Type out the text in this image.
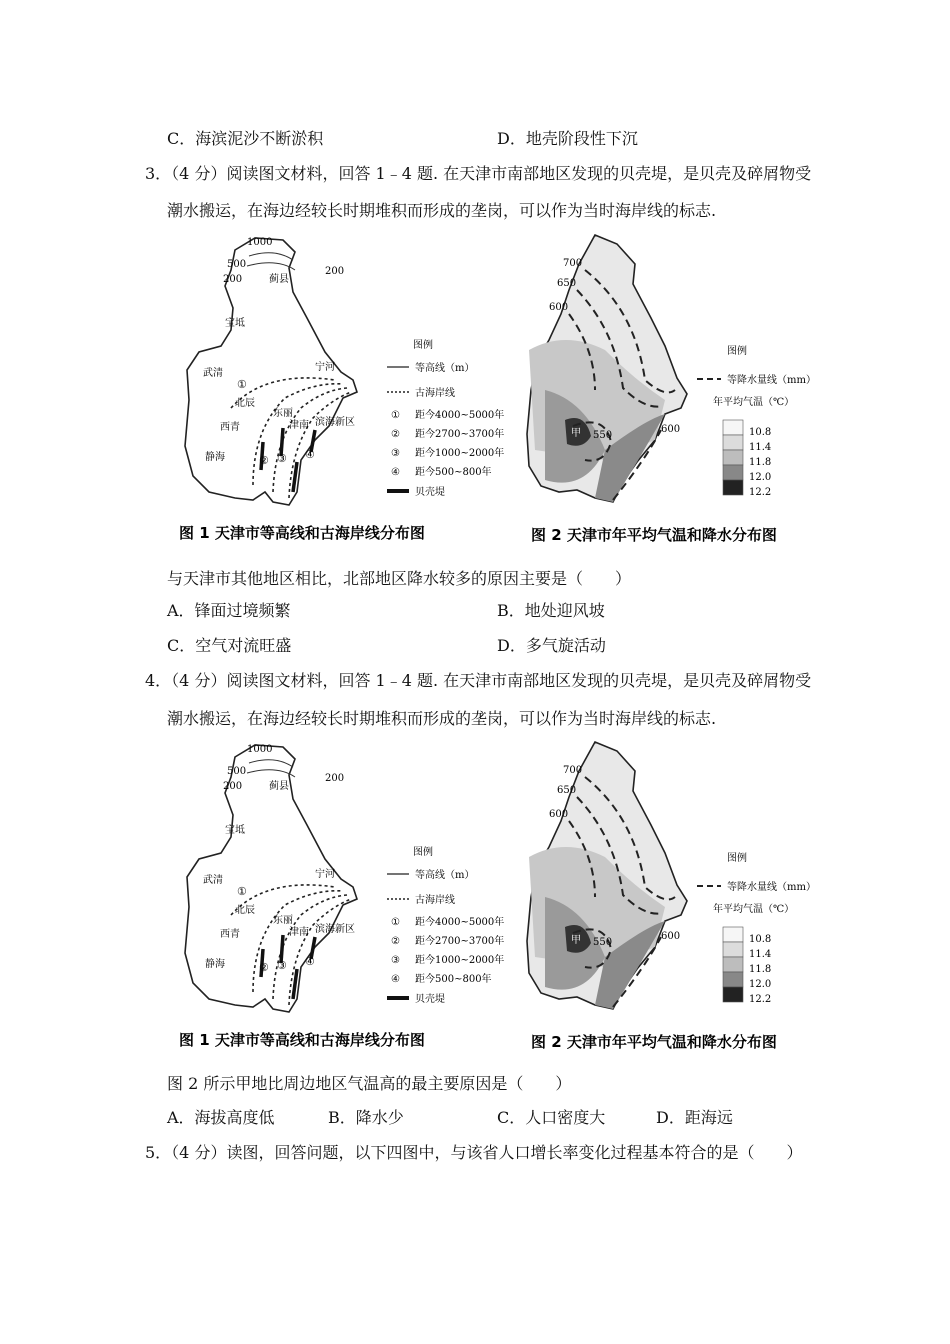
C．海滨泥沙不断淤积	D．地壳阶段性下沉
3．（4 分）阅读图文材料，回答 1﹣4 题. 在天津市南部地区发现的贝壳堤，是贝壳及碎屑物受
潮水搬运，在海边经较长时期堆积而形成的垄岗，可以作为当时海岸线的标志.
1000
500
200
200
蓟县
宝坻
武清
宁河
北辰
西青
静海
东丽
津南 滨海新区
①
② ③ ④
图例
等高线（m）
古海岸线
① 距今4000~5000年
② 距今2700~3700年
③ 距今1000~2000年
④ 距今500~800年
贝壳堤
700
650
600
600
550
甲
图例
等降水量线（mm）
年平均气温（℃）
10.8
11.4
11.8
12.0
12.2
图 1 天津市等高线和古海岸线分布图	图 2 天津市年平均气温和降水分布图
与天津市其他地区相比，北部地区降水较多的原因主要是（　　）
A．锋面过境频繁	B．地处迎风坡
C．空气对流旺盛	D．多气旋活动
4．（4 分）阅读图文材料，回答 1﹣4 题. 在天津市南部地区发现的贝壳堤，是贝壳及碎屑物受
潮水搬运，在海边经较长时期堆积而形成的垄岗，可以作为当时海岸线的标志.
1000
500
200
200
蓟县
宝坻
武清
宁河
北辰
西青
静海
东丽
津南 滨海新区
①
② ③ ④
图例
等高线（m）
古海岸线
① 距今4000~5000年
② 距今2700~3700年
③ 距今1000~2000年
④ 距今500~800年
贝壳堤
700
650
600
600
550
甲
图例
等降水量线（mm）
年平均气温（℃）
10.8
11.4
11.8
12.0
12.2
图 1 天津市等高线和古海岸线分布图	图 2 天津市年平均气温和降水分布图
图 2 所示甲地比周边地区气温高的最主要原因是（　　）
A．海拔高度低	B．降水少	C．人口密度大	D．距海远
5．（4 分）读图，回答问题，以下四图中，与该省人口增长率变化过程基本符合的是（　　）
